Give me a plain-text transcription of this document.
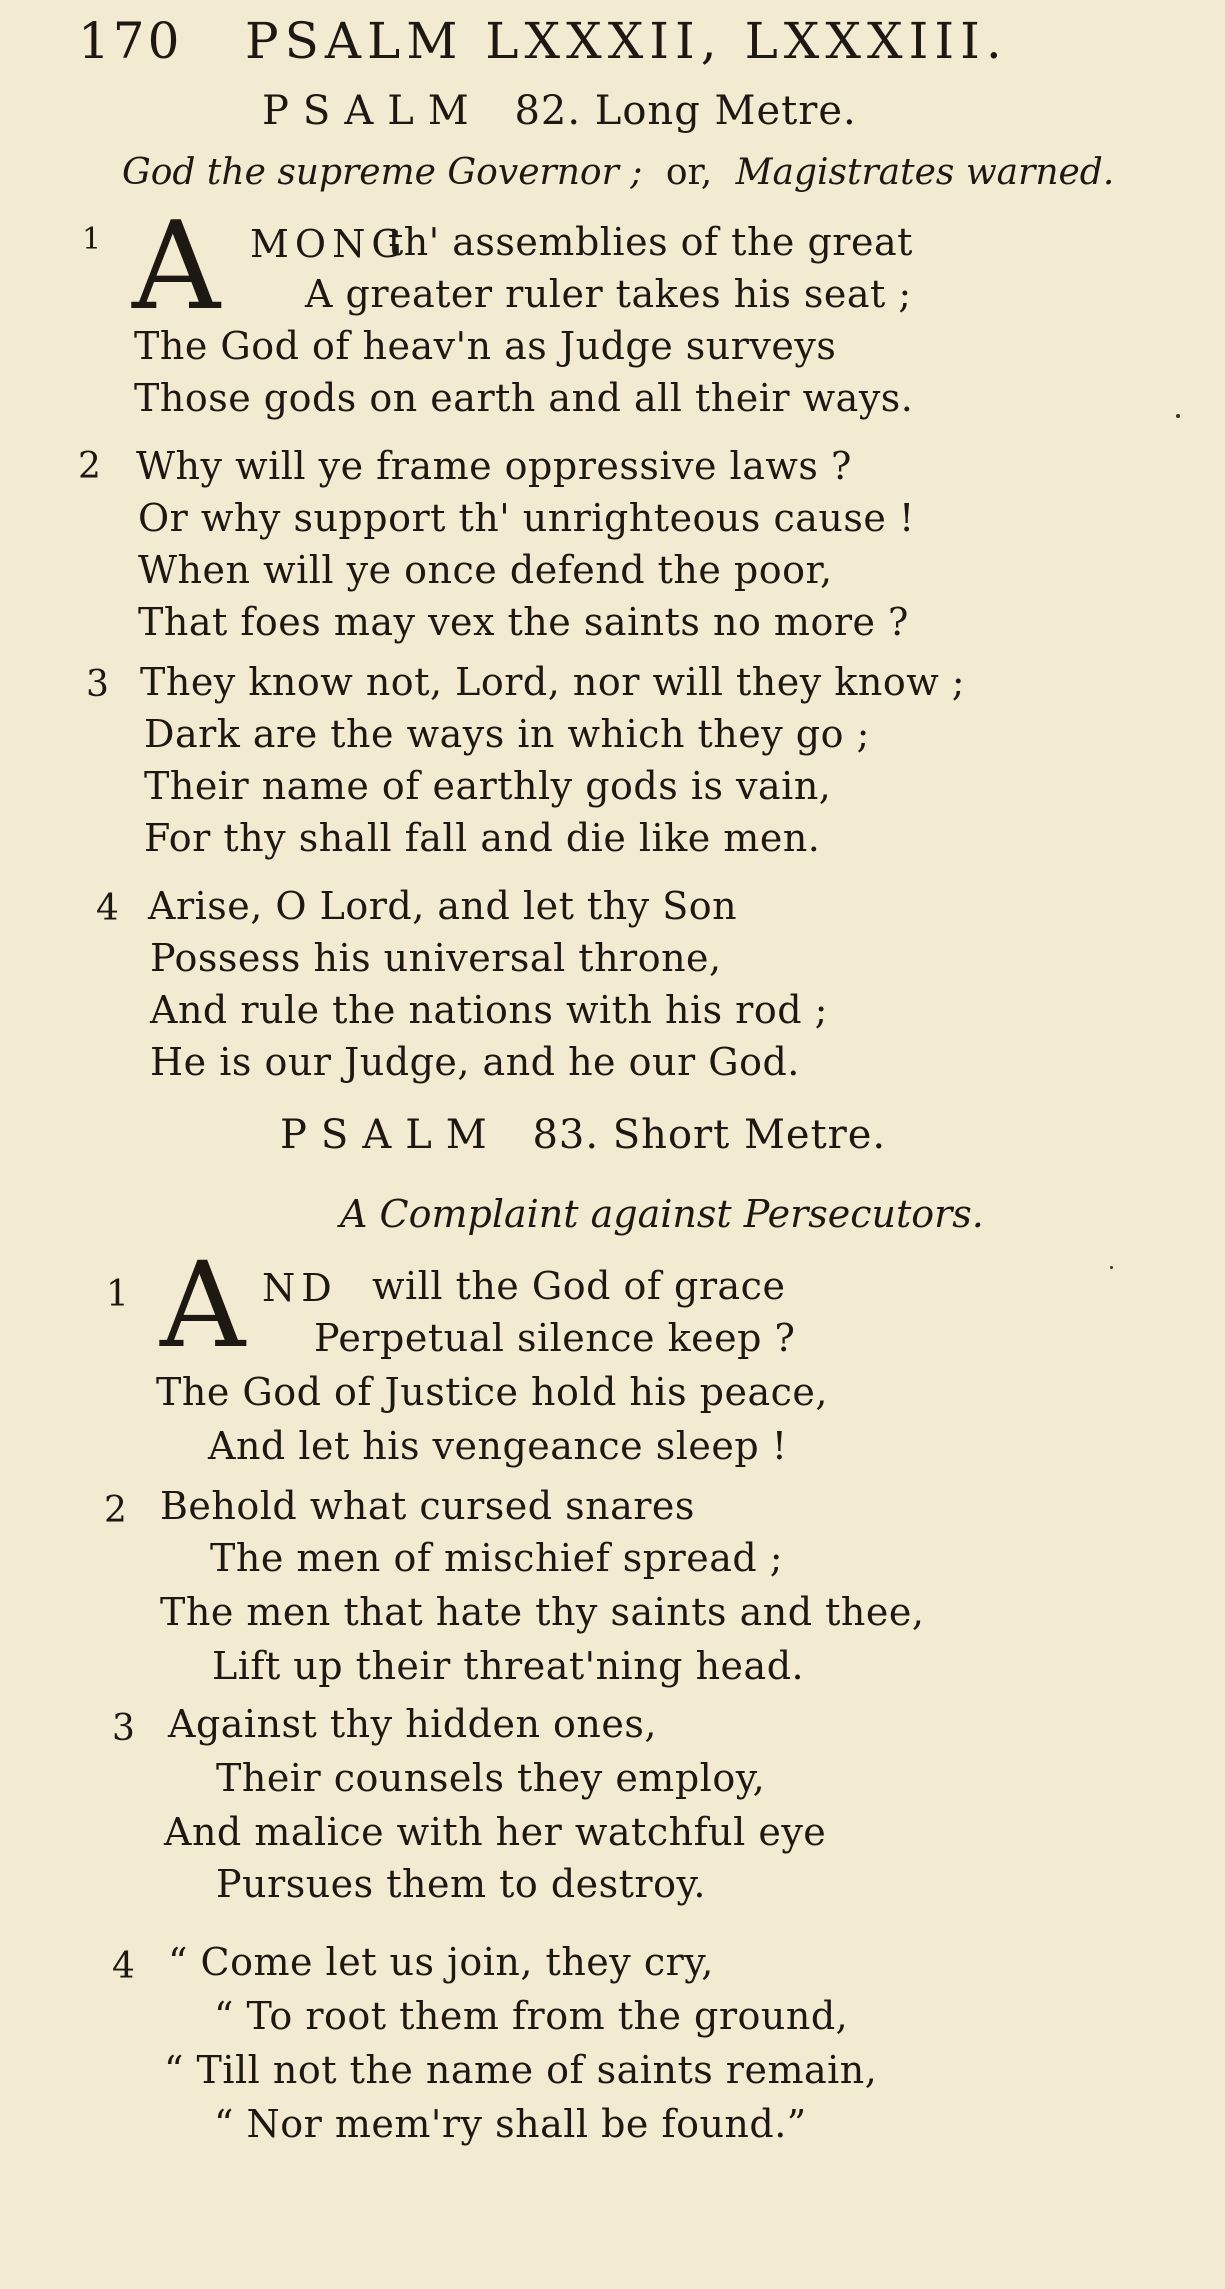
170 PSALM LXXXII, LXXXIII.
PSALM 82. Long Metre.
God the supreme Governor ; or, Magistrates warned.
1 A MONG
th' assemblies of the great
A greater ruler takes his seat ;
The God of heav'n as Judge surveys
Those gods on earth and all their ways.
2 Why will ye frame oppressive laws ?
Or why support th' unrighteous cause !
When will ye once defend the poor,
That foes may vex the saints no more ?
3 They know not, Lord, nor will they know ;
Dark are the ways in which they go ;
Their name of earthly gods is vain,
For thy shall fall and die like men.
4 Arise, O Lord, and let thy Son
Possess his universal throne,
And rule the nations with his rod ;
He is our Judge, and he our God.
PSALM 83. Short Metre.
A Complaint against Persecutors.
1 A ND will the God of grace
Perpetual silence keep ?
The God of Justice hold his peace,
And let his vengeance sleep !
2 Behold what cursed snares
The men of mischief spread ;
The men that hate thy saints and thee,
Lift up their threat'ning head.
3 Against thy hidden ones,
Their counsels they employ,
And malice with her watchful eye
Pursues them to destroy.
4 “ Come let us join, they cry,
“ To root them from the ground,
“ Till not the name of saints remain,
“ Nor mem'ry shall be found.”
